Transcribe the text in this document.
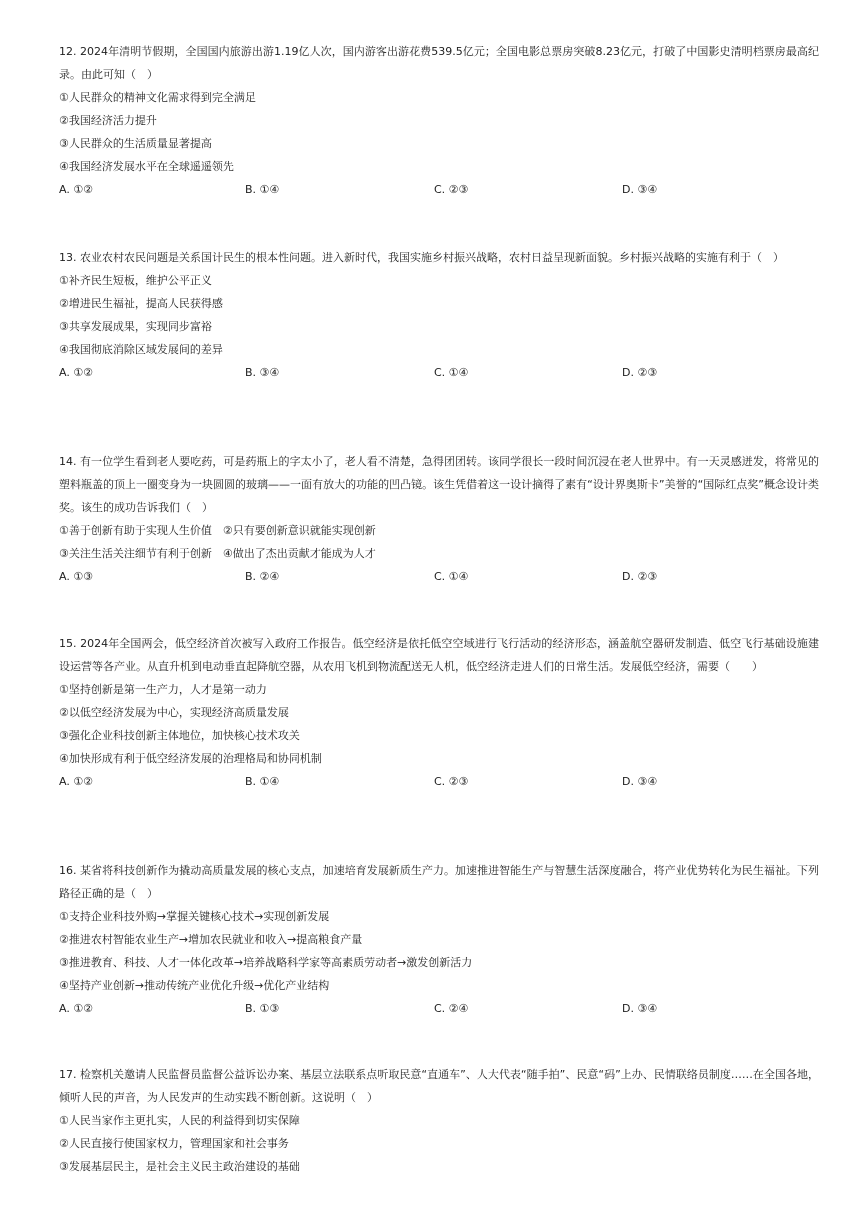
12. 2024年清明节假期，全国国内旅游出游1.19亿人次，国内游客出游花费539.5亿元；全国电影总票房突破8.23亿元，打破了中国影史清明档票房最高纪录。由此可知（　）

①人民群众的精神文化需求得到完全满足

②我国经济活力提升

③人民群众的生活质量显著提高

④我国经济发展水平在全球遥遥领先

A. ①②	B. ①④	C. ②③	D. ③④

13. 农业农村农民问题是关系国计民生的根本性问题。进入新时代，我国实施乡村振兴战略，农村日益呈现新面貌。乡村振兴战略的实施有利于（　）

①补齐民生短板，维护公平正义

②增进民生福祉，提高人民获得感

③共享发展成果，实现同步富裕

④我国彻底消除区域发展间的差异

A. ①②	B. ③④	C. ①④	D. ②③

14. 有一位学生看到老人要吃药，可是药瓶上的字太小了，老人看不清楚，急得团团转。该同学很长一段时间沉浸在老人世界中。有一天灵感迸发，将常见的塑料瓶盖的顶上一圈变身为一块圆圆的玻璃——一面有放大的功能的凹凸镜。该生凭借着这一设计摘得了素有“设计界奥斯卡”美誉的“国际红点奖”概念设计类奖。该生的成功告诉我们（　）

①善于创新有助于实现人生价值　②只有要创新意识就能实现创新

③关注生活关注细节有利于创新　④做出了杰出贡献才能成为人才

A. ①③	B. ②④	C. ①④	D. ②③

15. 2024年全国两会，低空经济首次被写入政府工作报告。低空经济是依托低空空域进行飞行活动的经济形态，涵盖航空器研发制造、低空飞行基础设施建设运营等各产业。从直升机到电动垂直起降航空器，从农用飞机到物流配送无人机，低空经济走进人们的日常生活。发展低空经济，需要（　　）

①坚持创新是第一生产力，人才是第一动力

②以低空经济发展为中心，实现经济高质量发展

③强化企业科技创新主体地位，加快核心技术攻关

④加快形成有利于低空经济发展的治理格局和协同机制

A. ①②	B. ①④	C. ②③	D. ③④

16. 某省将科技创新作为撬动高质量发展的核心支点，加速培育发展新质生产力。加速推进智能生产与智慧生活深度融合，将产业优势转化为民生福祉。下列路径正确的是（　）

①支持企业科技外购→掌握关键核心技术→实现创新发展

②推进农村智能农业生产→增加农民就业和收入→提高粮食产量

③推进教育、科技、人才一体化改革→培养战略科学家等高素质劳动者→激发创新活力

④坚持产业创新→推动传统产业优化升级→优化产业结构

A. ①②	B. ①③	C. ②④	D. ③④

17. 检察机关邀请人民监督员监督公益诉讼办案、基层立法联系点听取民意“直通车”、人大代表“随手拍”、民意“码”上办、民情联络员制度……在全国各地，倾听人民的声音，为人民发声的生动实践不断创新。这说明（　）

①人民当家作主更扎实，人民的利益得到切实保障

②人民直接行使国家权力，管理国家和社会事务

③发展基层民主，是社会主义民主政治建设的基础
